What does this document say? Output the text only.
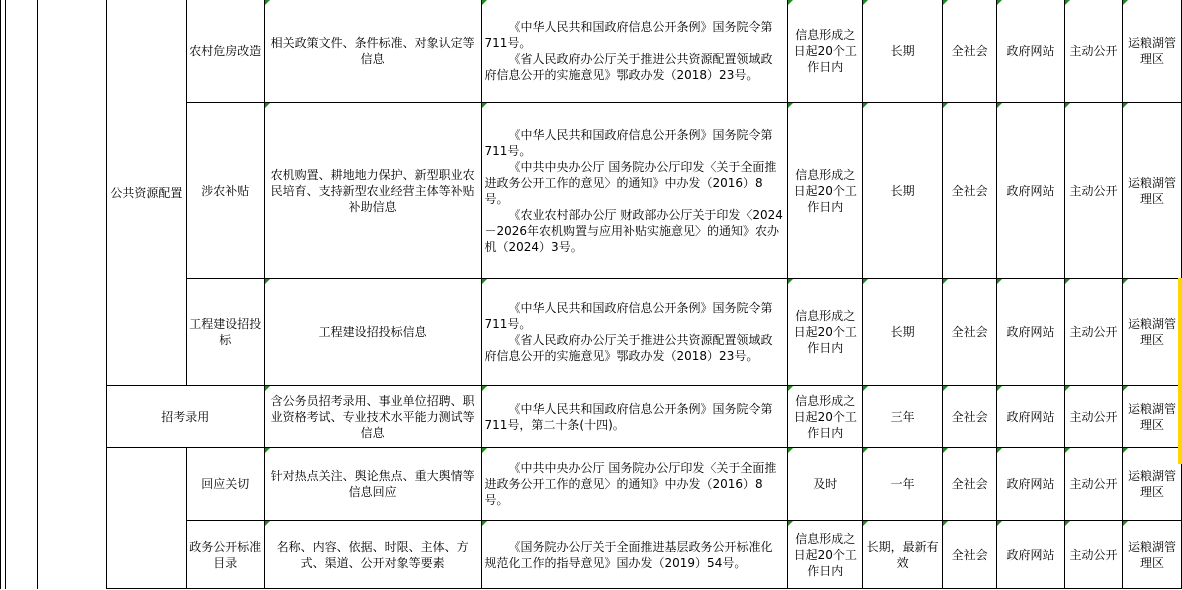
			公共资源配置	农村危房改造	相关政策文件、条件标准、对象认定等信息	《中华人民共和国政府信息公开条例》国务院令第711号。
《省人民政府办公厅关于推进公共资源配置领域政府信息公开的实施意见》鄂政办发（2018）23号。	信息形成之日起20个工作日内	长期	全社会	政府网站	主动公开	运粮湖管理区
				涉农补贴	农机购置、耕地地力保护、新型职业农民培育、支持新型农业经营主体等补贴补助信息	《中华人民共和国政府信息公开条例》国务院令第711号。
《中共中央办公厅 国务院办公厅印发〈关于全面推进政务公开工作的意见〉的通知》中办发（2016）8号。
《农业农村部办公厅 财政部办公厅关于印发〈2024－2026年农机购置与应用补贴实施意见〉的通知》农办机（2024）3号。	信息形成之日起20个工作日内	长期	全社会	政府网站	主动公开	运粮湖管理区
				工程建设招投标	工程建设招投标信息	《中华人民共和国政府信息公开条例》国务院令第711号。
《省人民政府办公厅关于推进公共资源配置领域政府信息公开的实施意见》鄂政办发（2018）23号。	信息形成之日起20个工作日内	长期	全社会	政府网站	主动公开	运粮湖管理区
			招考录用		含公务员招考录用、事业单位招聘、职业资格考试、专业技术水平能力测试等信息	《中华人民共和国政府信息公开条例》国务院令第711号，第二十条(十四)。	信息形成之日起20个工作日内	三年	全社会	政府网站	主动公开	运粮湖管理区
				回应关切	针对热点关注、舆论焦点、重大舆情等信息回应	《中共中央办公厅 国务院办公厅印发〈关于全面推进政务公开工作的意见〉的通知》中办发（2016）8号。	及时	一年	全社会	政府网站	主动公开	运粮湖管理区
				政务公开标准目录	名称、内容、依据、时限、主体、方式、渠道、公开对象等要素	《国务院办公厅关于全面推进基层政务公开标准化规范化工作的指导意见》国办发（2019）54号。	信息形成之日起20个工作日内	长期，最新有效	全社会	政府网站	主动公开	运粮湖管理区
